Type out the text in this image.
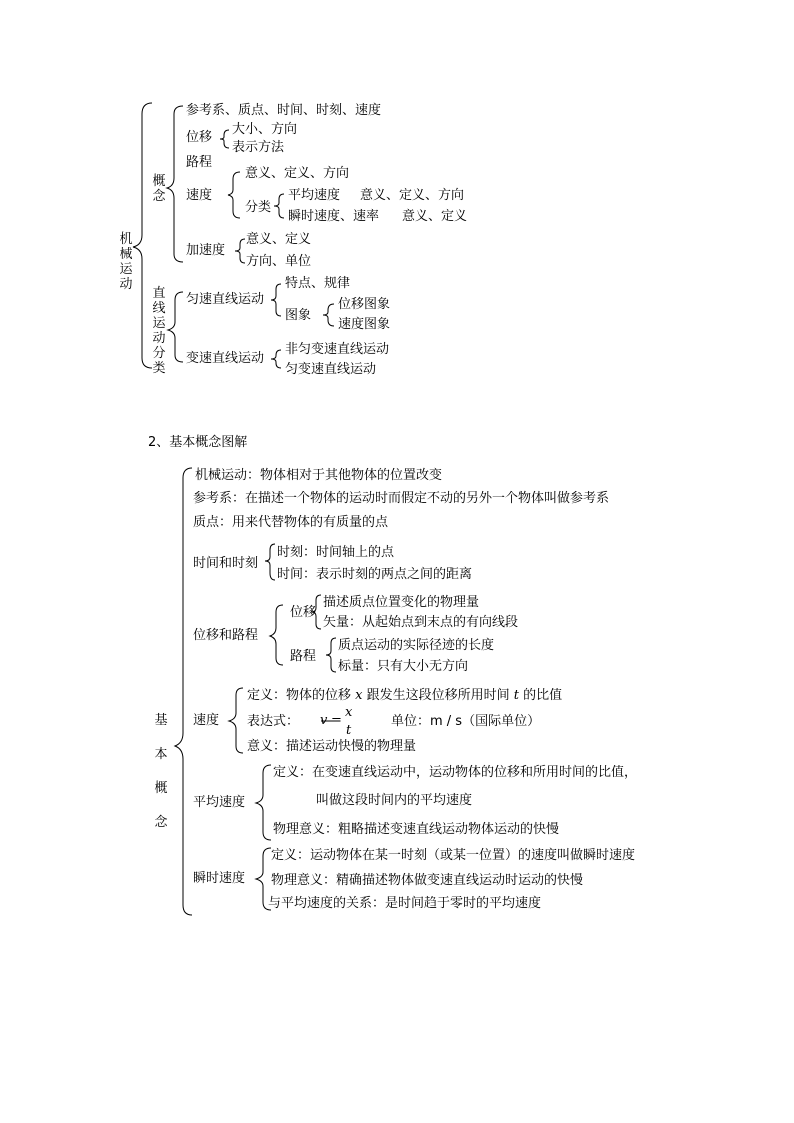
机械运动
概念
参考系、质点、时间、时刻、速度
位移
大小、方向
表示方法
路程
速度
意义、定义、方向
分类
平均速度 意义、定义、方向
瞬时速度、速率 意义、定义
加速度
意义、定义
方向、单位
直线运动分类
匀速直线运动
特点、规律
图象
位移图象
速度图象
变速直线运动
非匀变速直线运动
匀变速直线运动
2、基本概念图解
基本概念
机械运动：物体相对于其他物体的位置改变
参考系：在描述一个物体的运动时而假定不动的另外一个物体叫做参考系
质点：用来代替物体的有质量的点
时间和时刻
时刻：时间轴上的点
时间：表示时刻的两点之间的距离
位移和路程
位移
描述质点位置变化的物理量
矢量：从起始点到末点的有向线段
路程
质点运动的实际径迹的长度
标量：只有大小无方向
速度
定义：物体的位移 x 跟发生这段位移所用时间 t 的比值
表达式： v =
x
t
单位：m / s（国际单位）
意义：描述运动快慢的物理量
平均速度
定义：在变速直线运动中，运动物体的位移和所用时间的比值，
叫做这段时间内的平均速度
物理意义：粗略描述变速直线运动物体运动的快慢
瞬时速度
定义：运动物体在某一时刻（或某一位置）的速度叫做瞬时速度
物理意义：精确描述物体做变速直线运动时运动的快慢
与平均速度的关系：是时间趋于零时的平均速度
